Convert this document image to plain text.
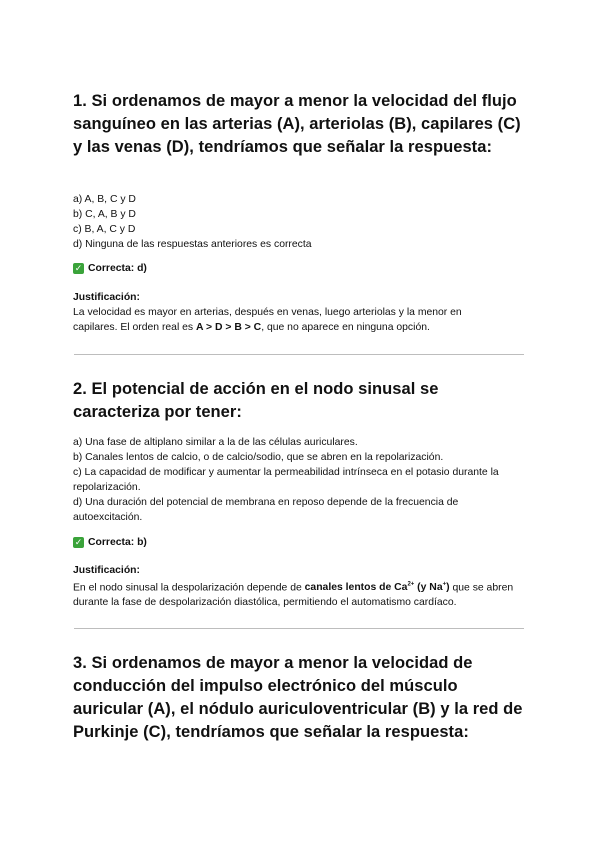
1. Si ordenamos de mayor a menor la velocidad del flujo sanguíneo en las arterias (A), arteriolas (B), capilares (C) y las venas (D), tendríamos que señalar la respuesta:

a) A, B, C y D
b) C, A, B y D
c) B, A, C y D
d) Ninguna de las respuestas anteriores es correcta
✓ Correcta: d)
Justificación:
La velocidad es mayor en arterias, después en venas, luego arteriolas y la menor en capilares. El orden real es A > D > B > C, que no aparece en ninguna opción.

2. El potencial de acción en el nodo sinusal se caracteriza por tener:

a) Una fase de altiplano similar a la de las células auriculares.
b) Canales lentos de calcio, o de calcio/sodio, que se abren en la repolarización.
c) La capacidad de modificar y aumentar la permeabilidad intrínseca en el potasio durante la repolarización.
d) Una duración del potencial de membrana en reposo depende de la frecuencia de autoexcitación.
✓ Correcta: b)
Justificación:
En el nodo sinusal la despolarización depende de canales lentos de $Ca^{2+}$ (y Na+) que se abren durante la fase de despolarización diastólica, permitiendo el automatismo cardíaco.

3. Si ordenamos de mayor a menor la velocidad de conducción del impulso electrónico del músculo auricular (A), el nódulo auriculoventricular (B) y la red de Purkinje (C), tendríamos que señalar la respuesta:
